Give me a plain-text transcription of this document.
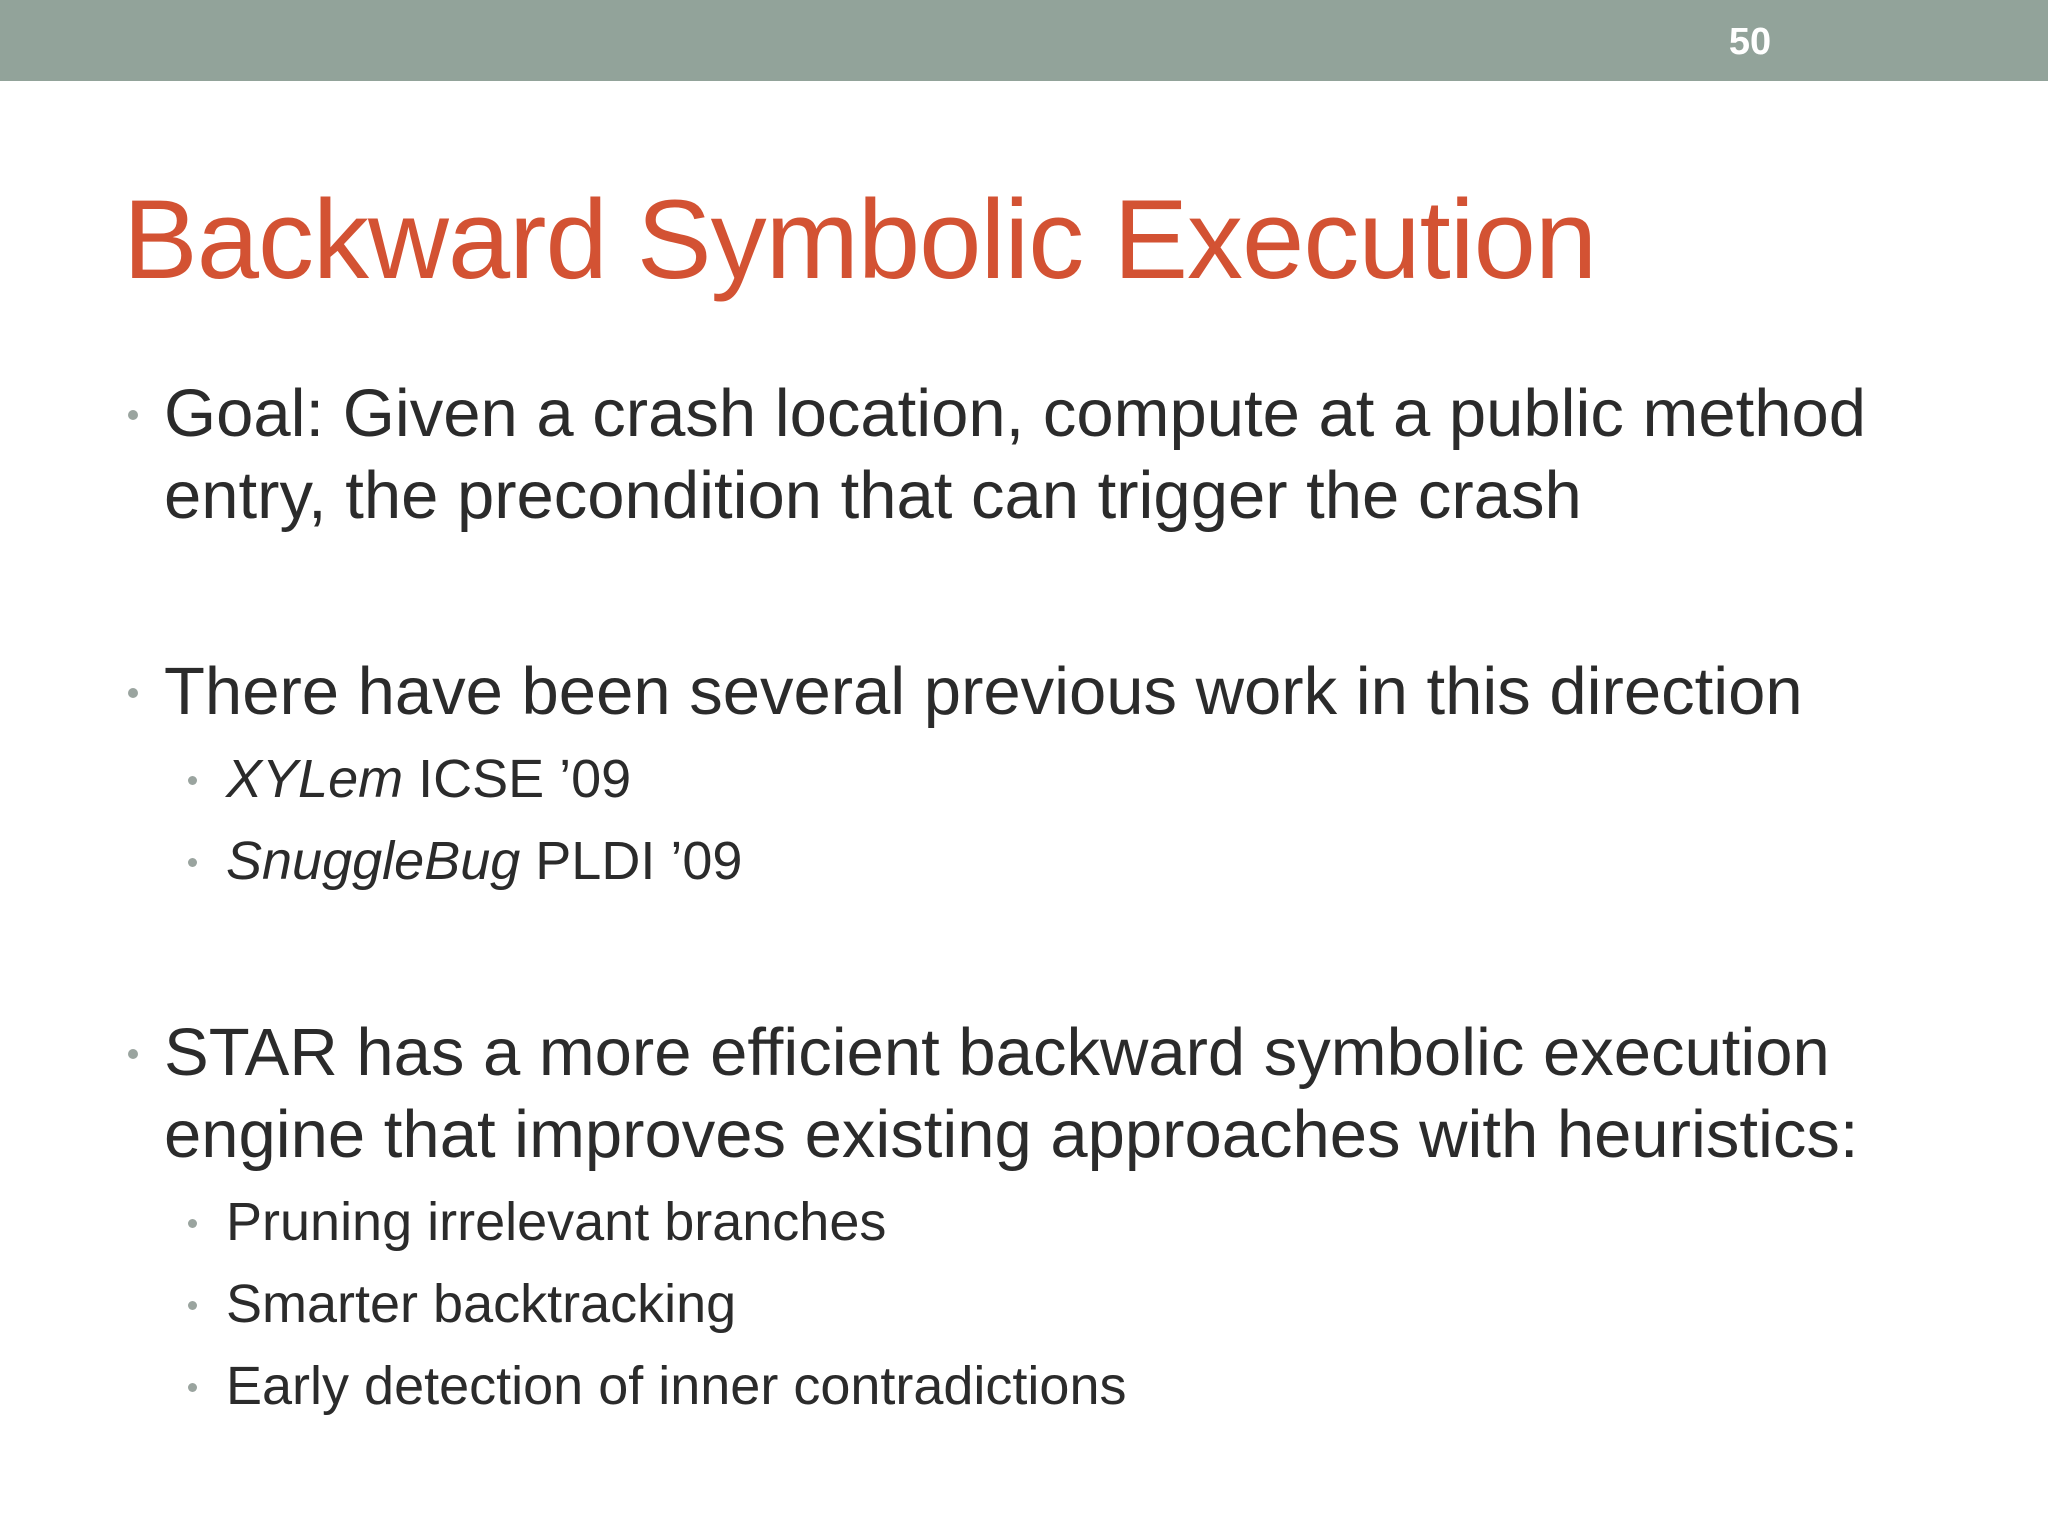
50
Backward Symbolic Execution
Goal: Given a crash location, compute at a public method
entry, the precondition that can trigger the crash
There have been several previous work in this direction
XYLem ICSE ’09
SnuggleBug PLDI ’09
STAR has a more efficient backward symbolic execution
engine that improves existing approaches with heuristics:
Pruning irrelevant branches
Smarter backtracking
Early detection of inner contradictions
